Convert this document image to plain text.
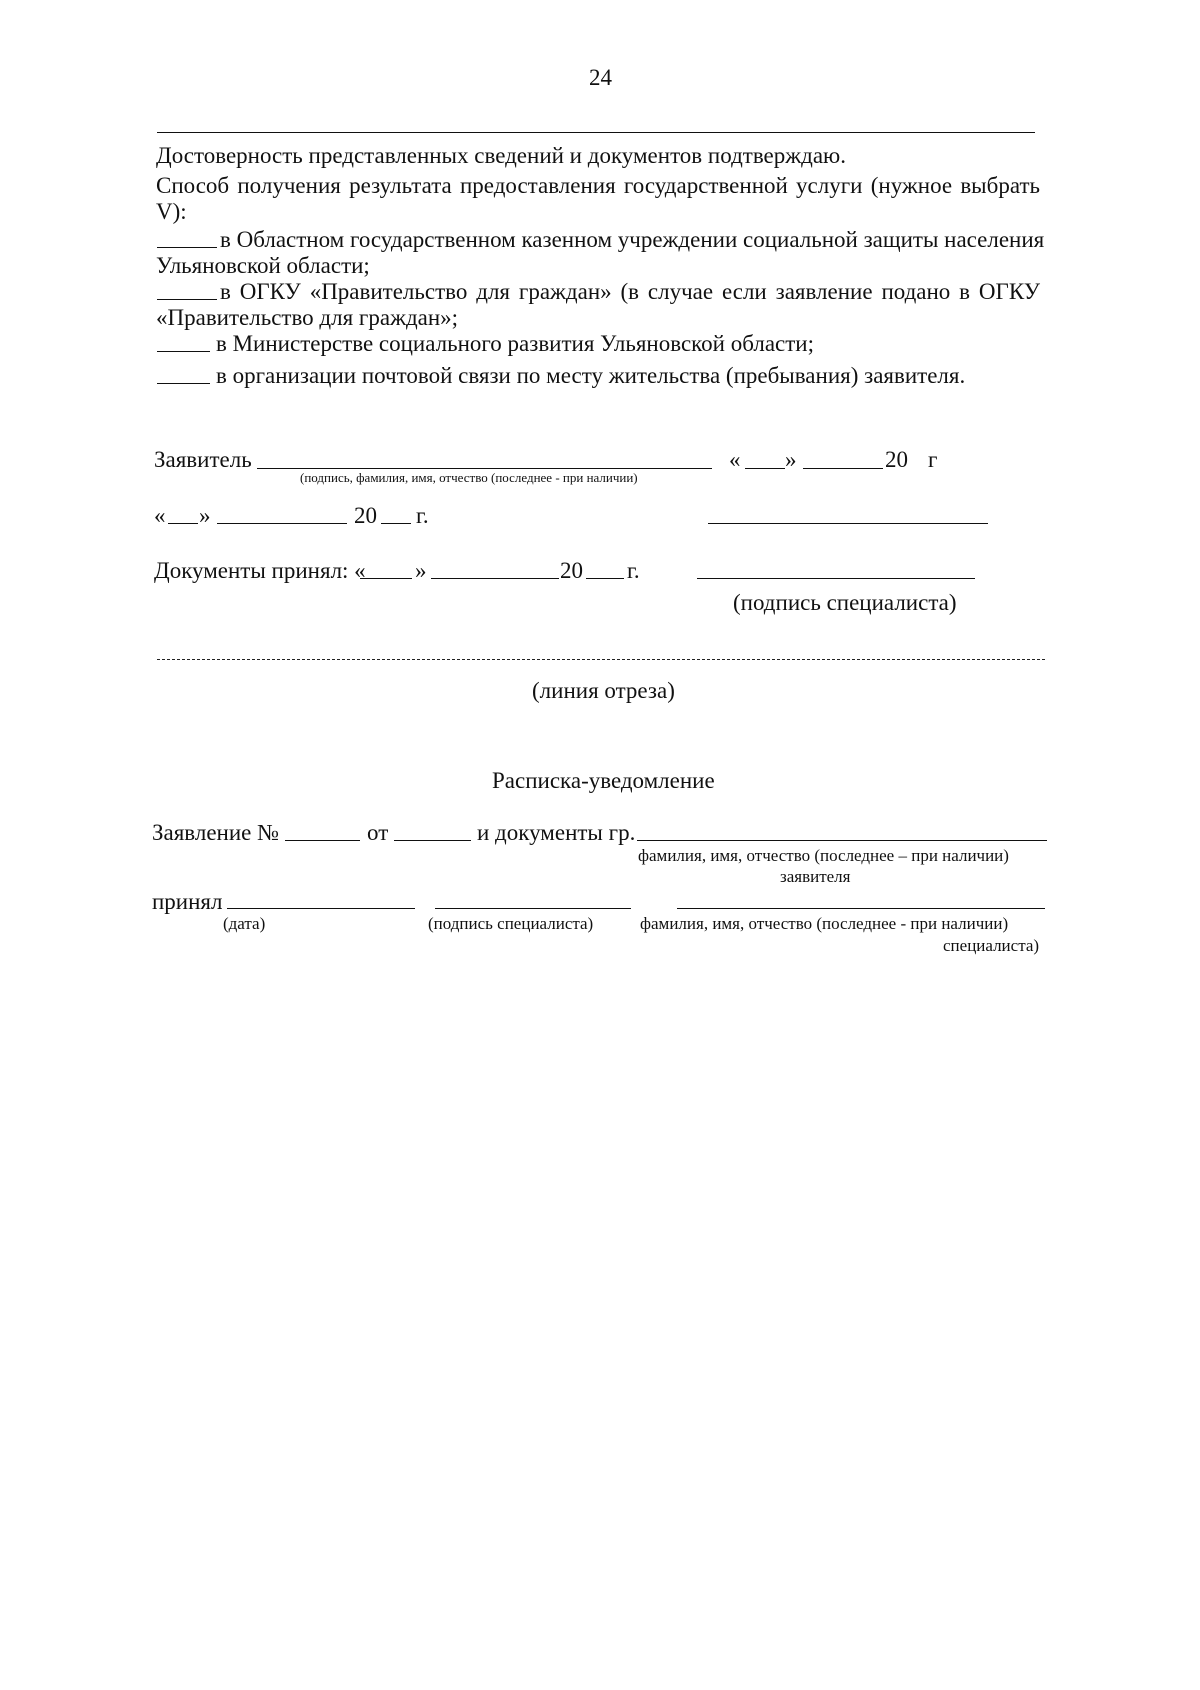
24
Достоверность представленных сведений и документов подтверждаю.
Способ получения результата предоставления государственной услуги (нужное выбрать
V):
в Областном государственном казенном учреждении социальной защиты населения
Ульяновской области;
в ОГКУ «Правительство для граждан» (в случае если заявление подано в ОГКУ
«Правительство для граждан»;
в Министерстве социального развития Ульяновской области;
в организации почтовой связи по месту жительства (пребывания) заявителя.
Заявитель
(подпись, фамилия, имя, отчество (последнее - при наличии)
« »	20 г
« »	20 г.
Документы принял: « »	20 г.
(подпись специалиста)
(линия отреза)
Расписка-уведомление
Заявление №	от	и документы гр.
фамилия, имя, отчество (последнее – при наличии)
заявителя
принял
(дата)	(подпись специалиста)	фамилия, имя, отчество (последнее - при наличии)
специалиста)
